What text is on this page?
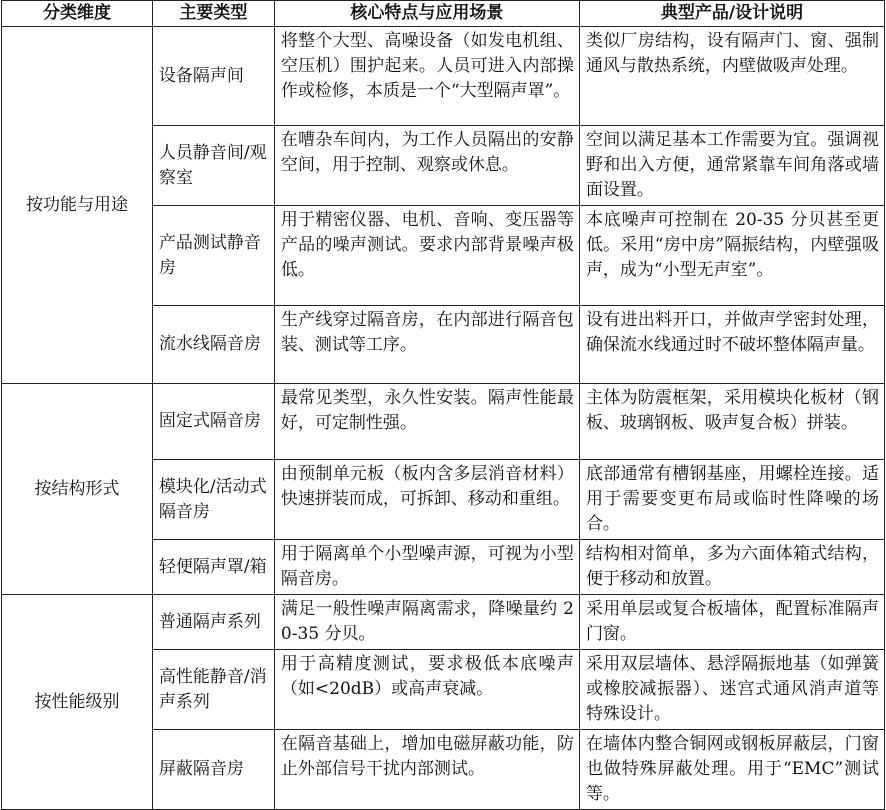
分类维度	主要类型	核心特点与应用场景	典型产品/设计说明
按功能与用途	设备隔声间	将整个大型、高噪设备（如发电机组、空压机）围护起来。人员可进入内部操作或检修，本质是一个“大型隔声罩”。	类似厂房结构，设有隔声门、窗、强制通风与散热系统，内壁做吸声处理。
	人员静音间/观察室	在嘈杂车间内，为工作人员隔出的安静空间，用于控制、观察或休息。	空间以满足基本工作需要为宜。强调视野和出入方便，通常紧靠车间角落或墙面设置。
	产品测试静音房	用于精密仪器、电机、音响、变压器等产品的噪声测试。要求内部背景噪声极低。	本底噪声可控制在 20-35 分贝甚至更低。采用“房中房”隔振结构，内壁强吸声，成为“小型无声室”。
	流水线隔音房	生产线穿过隔音房，在内部进行隔音包装、测试等工序。	设有进出料开口，并做声学密封处理，确保流水线通过时不破坏整体隔声量。
按结构形式	固定式隔音房	最常见类型，永久性安装。隔声性能最好，可定制性强。	主体为防震框架，采用模块化板材（钢板、玻璃钢板、吸声复合板）拼装。
	模块化/活动式隔音房	由预制单元板（板内含多层消音材料）快速拼装而成，可拆卸、移动和重组。	底部通常有槽钢基座，用螺栓连接。适用于需要变更布局或临时性降噪的场合。
	轻便隔声罩/箱	用于隔离单个小型噪声源，可视为小型隔音房。	结构相对简单，多为六面体箱式结构，便于移动和放置。
按性能级别	普通隔声系列	满足一般性噪声隔离需求，降噪量约 20-35 分贝。	采用单层或复合板墙体，配置标准隔声门窗。
	高性能静音/消声系列	用于高精度测试，要求极低本底噪声（如<20dB）或高声衰减。	采用双层墙体、悬浮隔振地基（如弹簧或橡胶减振器）、迷宫式通风消声道等特殊设计。
	屏蔽隔音房	在隔音基础上，增加电磁屏蔽功能，防止外部信号干扰内部测试。	在墙体内整合铜网或钢板屏蔽层，门窗也做特殊屏蔽处理。用于“EMC”测试等。
